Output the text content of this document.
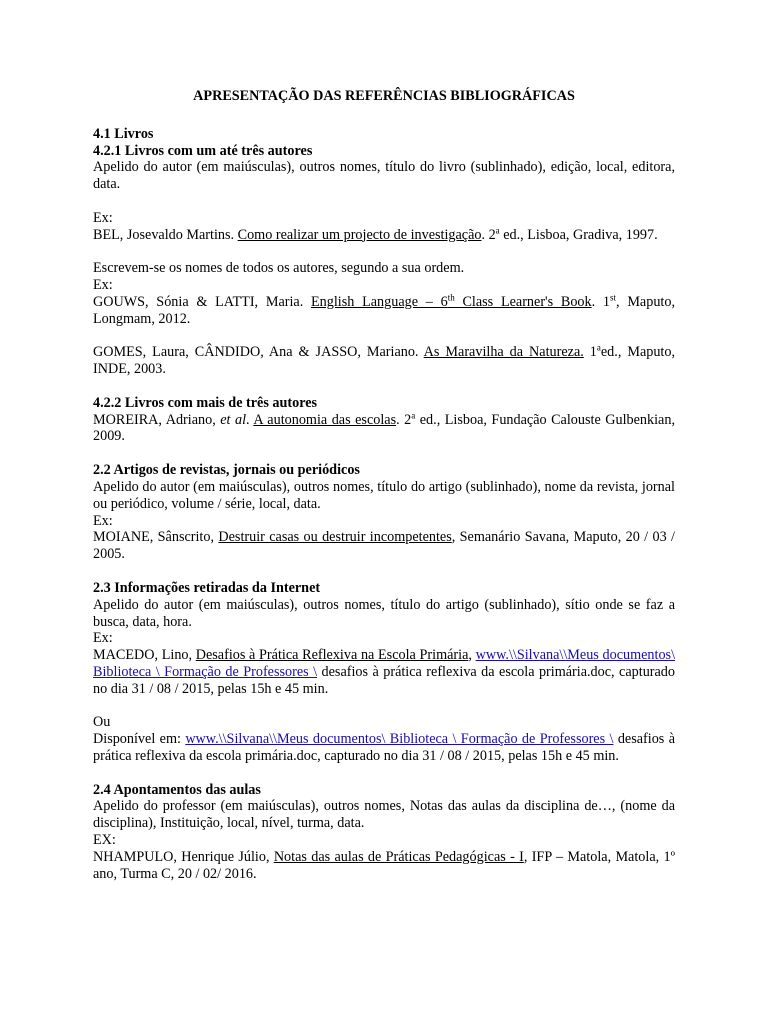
APRESENTAÇÃO DAS REFERÊNCIAS BIBLIOGRÁFICAS
4.1 Livros
4.2.1 Livros com um até três autores
Apelido do autor (em maiúsculas), outros nomes, título do livro (sublinhado), edição, local, editora, data.
Ex:
BEL, Josevaldo Martins. Como realizar um projecto de investigação. 2$^a$ ed., Lisboa, Gradiva, 1997.
Escrevem-se os nomes de todos os autores, segundo a sua ordem.
Ex:
GOUWS, Sónia & LATTI, Maria. English Language – 6th Class Learner's Book. 1st, Maputo, Longmam, 2012.
GOMES, Laura, CÂNDIDO, Ana & JASSO, Mariano. As Maravilha da Natureza. 1$^a$ed., Maputo, INDE, 2003.
4.2.2 Livros com mais de três autores
MOREIRA, Adriano, et al. A autonomia das escolas. 2$^a$ ed., Lisboa, Fundação Calouste Gulbenkian, 2009.
2.2 Artigos de revistas, jornais ou periódicos
Apelido do autor (em maiúsculas), outros nomes, título do artigo (sublinhado), nome da revista, jornal ou periódico, volume / série, local, data.
Ex:
MOIANE, Sânscrito, Destruir casas ou destruir incompetentes, Semanário Savana, Maputo, 20 / 03 / 2005.
2.3 Informações retiradas da Internet
Apelido do autor (em maiúsculas), outros nomes, título do artigo (sublinhado), sítio onde se faz a busca, data, hora.
Ex:
MACEDO, Lino, Desafios à Prática Reflexiva na Escola Primária, www.\\Silvana\\Meus documentos\ Biblioteca \ Formação de Professores \ desafios à prática reflexiva da escola primária.doc, capturado no dia 31 / 08 / 2015, pelas 15h e 45 min.
Ou
Disponível em: www.\\Silvana\\Meus documentos\ Biblioteca \ Formação de Professores \ desafios à prática reflexiva da escola primária.doc, capturado no dia 31 / 08 / 2015, pelas 15h e 45 min.
2.4 Apontamentos das aulas
Apelido do professor (em maiúsculas), outros nomes, Notas das aulas da disciplina de…, (nome da disciplina), Instituição, local, nível, turma, data.
EX:
NHAMPULO, Henrique Júlio, Notas das aulas de Práticas Pedagógicas - I, IFP – Matola, Matola, 1º ano, Turma C, 20 / 02/ 2016.
